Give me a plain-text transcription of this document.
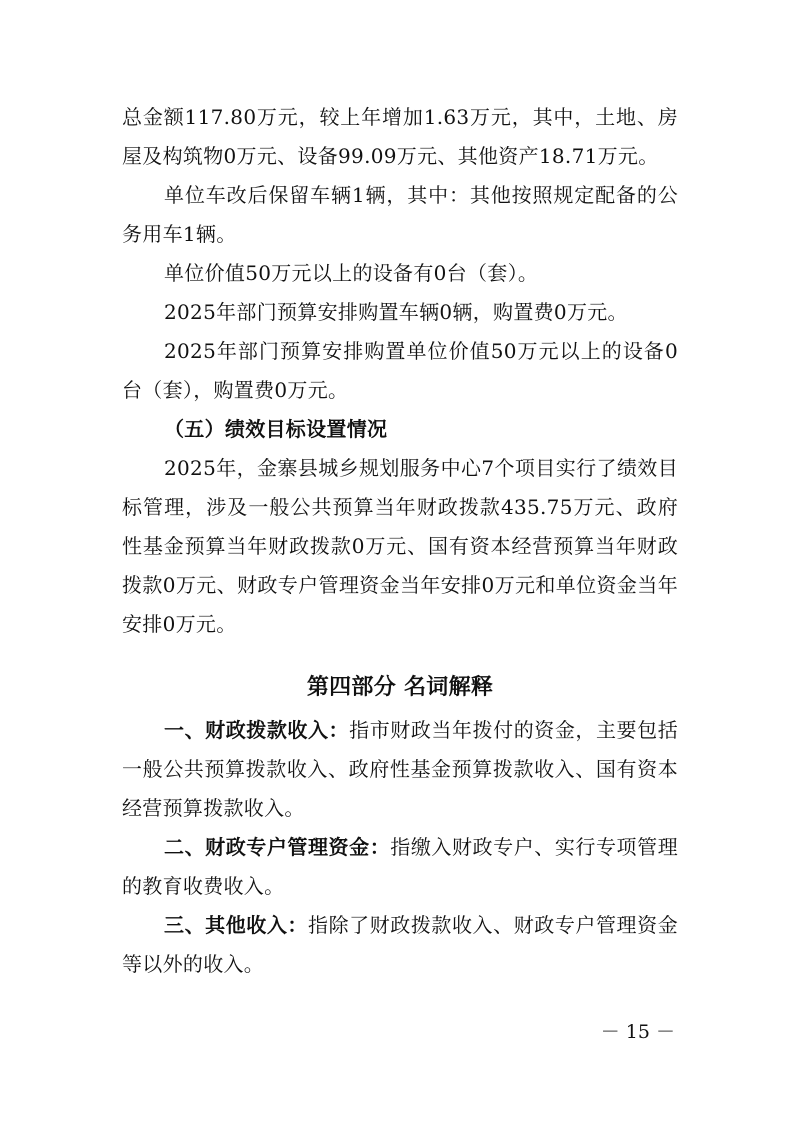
总金额117.80万元，较上年增加1.63万元，其中，土地、房屋及构筑物0万元、设备99.09万元、其他资产18.71万元。

单位车改后保留车辆1辆，其中：其他按照规定配备的公务用车1辆。

单位价值50万元以上的设备有0台（套）。

2025年部门预算安排购置车辆0辆，购置费0万元。

2025年部门预算安排购置单位价值50万元以上的设备0台（套），购置费0万元。

（五）绩效目标设置情况

2025年，金寨县城乡规划服务中心7个项目实行了绩效目标管理，涉及一般公共预算当年财政拨款435.75万元、政府性基金预算当年财政拨款0万元、国有资本经营预算当年财政拨款0万元、财政专户管理资金当年安排0万元和单位资金当年安排0万元。

第四部分 名词解释

一、财政拨款收入：指市财政当年拨付的资金，主要包括一般公共预算拨款收入、政府性基金预算拨款收入、国有资本经营预算拨款收入。

二、财政专户管理资金：指缴入财政专户、实行专项管理的教育收费收入。

三、其他收入：指除了财政拨款收入、财政专户管理资金等以外的收入。

－ 15 －
